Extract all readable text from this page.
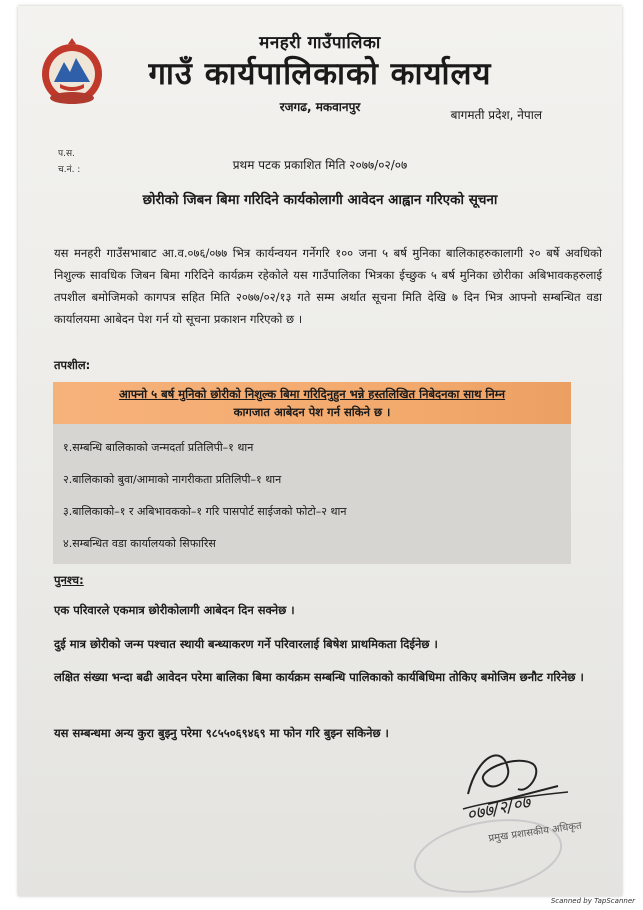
मनहरी गाउँपालिका
गाउँ कार्यपालिकाको कार्यालय
रजगढ, मकवानपुर
बागमती प्रदेश, नेपाल
प.स.
च.नं. :	प्रथम पटक प्रकाशित मिति २०७७/०२/०७
छोरीको जिबन बिमा गरिदिने कार्यकोलागी आवेदन आह्वान गरिएको सूचना
यस मनहरी गाउँसभाबाट आ.व.०७६/०७७ भित्र कार्यन्वयन गर्नेगरि १०० जना ५ बर्ष मुनिका बालिकाहरुकालागी २० बर्षे अवधिको निशुल्क सावधिक जिबन बिमा गरिदिने कार्यक्रम रहेकोले यस गाउँपालिका भित्रका ईच्छुक ५ बर्ष मुनिका छोरीका अबिभावकहरुलाई तपशील बमोजिमको कागपत्र सहित मिति २०७७/०२/१३ गते सम्म अर्थात सूचना मिति देखि ७ दिन भित्र आफ्नो सम्बन्धित वडा कार्यालयमा आबेदन पेश गर्न यो सूचना प्रकाशन गरिएको छ ।
तपशील:
आफ्नो ५ बर्ष मुनिको छोरीको निशुल्क बिमा गरिदिनुहुन भन्ने हस्तलिखित निबेदनका साथ निम्न
कागजात आबेदन पेश गर्न सकिने छ ।
१.सम्बन्धि बालिकाको जन्मदर्ता प्रतिलिपी–१ थान
२.बालिकाको बुवा/आमाको नागरीकता प्रतिलिपी–१ थान
३.बालिकाको–१ र अबिभावकको–१ गरि पासपोर्ट साईजको फोटो–२ थान
४.सम्बन्धित वडा कार्यालयको सिफारिस
पुनश्च:
एक परिवारले एकमात्र छोरीकोलागी आबेदन दिन सक्नेछ ।
दुई मात्र छोरीको जन्म पश्चात स्थायी बन्ध्याकरण गर्ने परिवारलाई बिषेश प्राथमिकता दिईनेछ ।
लक्षित संख्या भन्दा बढी आवेदन परेमा बालिका बिमा कार्यक्रम सम्बन्धि पालिकाको कार्यबिधिमा तोकिए बमोजिम छनौट गरिनेछ ।
यस सम्बन्धमा अन्य कुरा बुझ्नु परेमा ९८५५०६९४६९ मा फोन गरि बुझ्न सकिनेछ ।
०७७/२/०७
प्रमुख प्रशासकीय अधिकृत
Scanned by TapScanner
